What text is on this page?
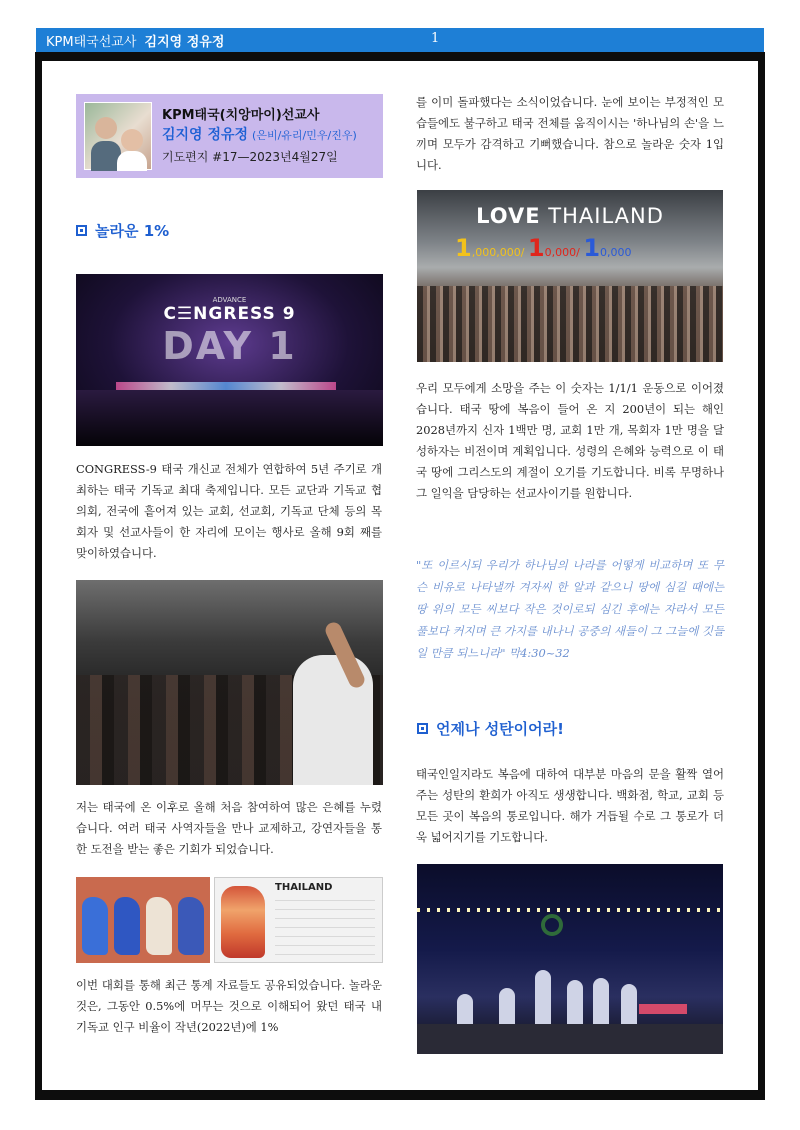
KPM태국선교사 김지영 정유정	1
KPM태국(치앙마이)선교사
김지영 정유정 (은비/유리/민우/진우)
기도편지 #17—2023년4월27일
놀라운 1%
ADVANCE
C☰NGRESS 9
DAY 1
CONGRESS-9 태국 개신교 전체가 연합하여 5년 주기로 개최하는 태국 기독교 최대 축제입니다. 모든 교단과 기독교 협의회, 전국에 흩어져 있는 교회, 선교회, 기독교 단체 등의 목회자 및 선교사들이 한 자리에 모이는 행사로 올해 9회 째를 맞이하였습니다.
저는 태국에 온 이후로 올해 처음 참여하여 많은 은혜를 누렸습니다. 여러 태국 사역자들을 만나 교제하고, 강연자들을 통한 도전을 받는 좋은 기회가 되었습니다.
THAILAND
이번 대회를 통해 최근 통계 자료들도 공유되었습니다. 놀라운 것은, 그동안 0.5%에 머무는 것으로 이해되어 왔던 태국 내 기독교 인구 비율이 작년(2022년)에 1%
를 이미 돌파했다는 소식이었습니다. 눈에 보이는 부정적인 모습들에도 불구하고 태국 전체를 움직이시는 '하나님의 손'을 느끼며 모두가 감격하고 기뻐했습니다. 참으로 놀라운 숫자 1입니다.
LOVE THAILAND
1,000,000/ 10,000/ 10,000
우리 모두에게 소망을 주는 이 숫자는 1/1/1 운동으로 이어졌습니다. 태국 땅에 복음이 들어 온 지 200년이 되는 해인 2028년까지 신자 1백만 명, 교회 1만 개, 목회자 1만 명을 달성하자는 비전이며 계획입니다. 성령의 은혜와 능력으로 이 태국 땅에 그리스도의 계절이 오기를 기도합니다. 비록 무명하나 그 일익을 담당하는 선교사이기를 원합니다.
"또 이르시되 우리가 하나님의 나라를 어떻게 비교하며 또 무슨 비유로 나타낼까 겨자씨 한 알과 같으니 땅에 심길 때에는 땅 위의 모든 씨보다 작은 것이로되 심긴 후에는 자라서 모든 풀보다 커지며 큰 가지를 내나니 공중의 새들이 그 그늘에 깃들일 만큼 되느니라" 막4:30~32
언제나 성탄이어라!
태국인일지라도 복음에 대하여 대부분 마음의 문을 활짝 열어주는 성탄의 환희가 아직도 생생합니다. 백화점, 학교, 교회 등 모든 곳이 복음의 통로입니다. 해가 거듭될 수로 그 통로가 더욱 넓어지기를 기도합니다.
